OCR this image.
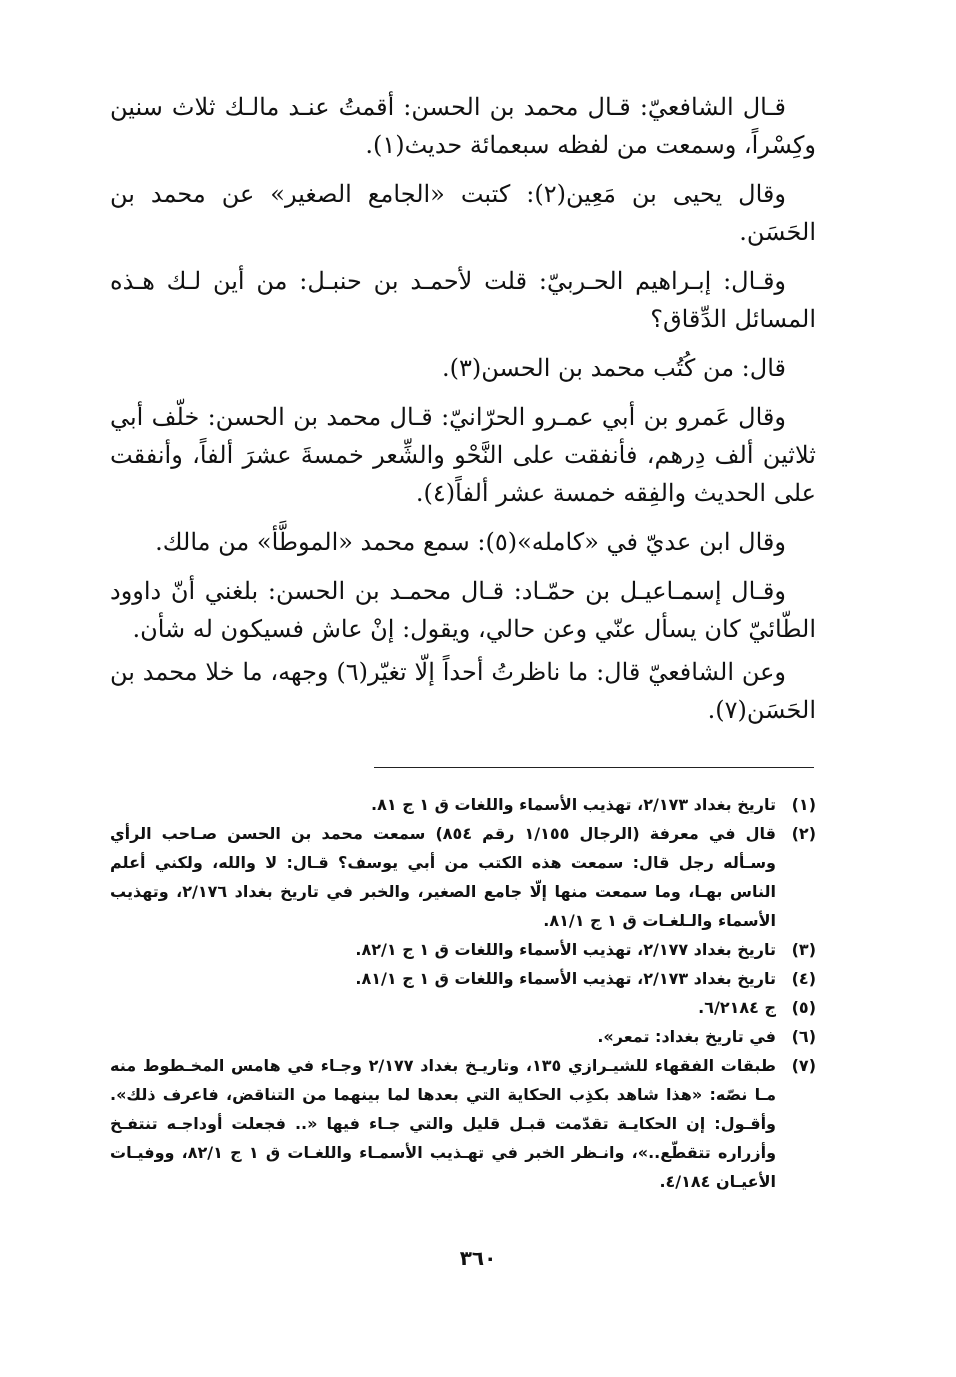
قـال الشافعيّ: قـال محمد بن الحسن: أقمتُ عنـد مالـك ثلاث سنين وكِسْراً، وسمعت من لفظه سبعمائة حديث(١).

وقال يحيى بن مَعِين(٢): كتبت «الجامع الصغير» عن محمد بن الحَسَن.

وقـال: إبـراهيم الحـربيّ: قلت لأحمـد بن حنبـل: من أين لـك هـذه المسائل الدِّقاق؟

قال: من كُتُب محمد بن الحسن(٣).

وقال عَمرو بن أبي عمـرو الحرّانيّ: قـال محمد بن الحسن: خلّف أبي ثلاثين ألف دِرهم، فأنفقت على النَّحْو والشِّعر خمسةَ عشرَ ألفاً، وأنفقت على الحديث والفِقه خمسة عشر ألفاً(٤).

وقال ابن عديّ في «كامله»(٥): سمع محمد «الموطَّأ» من مالك.

وقـال إسمـاعيـل بن حمّـاد: قـال محمـد بن الحسن: بلغني أنّ داوود الطّائيّ كان يسأل عنّي وعن حالي، ويقول: إنْ عاش فسيكون له شأن.

وعن الشافعيّ قال: ما ناظرتُ أحداً إلّا تغيّر(٦) وجهه، ما خلا محمد بن الحَسَن(٧).

(١)
تاريخ بغداد ٢/١٧٣، تهذيب الأسماء واللغات ق ١ ج ٨١.
(٢)
قال في معرفة (الرجال ١/١٥٥ رقم ٨٥٤) سمعت محمد بن الحسن صـاحب الرأي وسـأله رجل قال: سمعت هذه الكتب من أبي يوسف؟ قـال: لا والله، ولكني أعلم الناس بهـا، وما سمعت منها إلّا جامع الصغير، والخبر في تاريخ بغداد ٢/١٧٦، وتهذيب الأسماء والـلغـات ق ١ ج ٨١/١.
(٣)
تاريخ بغداد ٢/١٧٧، تهذيب الأسماء واللغات ق ١ ج ٨٢/١.
(٤)
تاريخ بغداد ٢/١٧٣، تهذيب الأسماء واللغات ق ١ ج ٨١/١.
(٥)
ج ٦/٢١٨٤.
(٦)
في تاريخ بغداد: تمعر».
(٧)
طبقات الفقهاء للشيـرازي ١٣٥، وتاريـخ بغداد ٢/١٧٧ وجـاء في هامس المخـطوط منه مـا نصّه: «هذا شاهد بكذِب الحكاية التي بعدها لما بينهما من التناقض، فاعرف ذلك». وأقـول: إن الحكايـة تقدّمت قبـل قليل والتي جـاء فيها «.. فجعلت أوداجـه تنتفـخ وأزراره تتقطّع..»، وانـظر الخبر في تهـذيب الأسمـاء واللغـات ق ١ ج ٨٢/١، ووفيـات الأعيـان ٤/١٨٤.
٣٦٠
